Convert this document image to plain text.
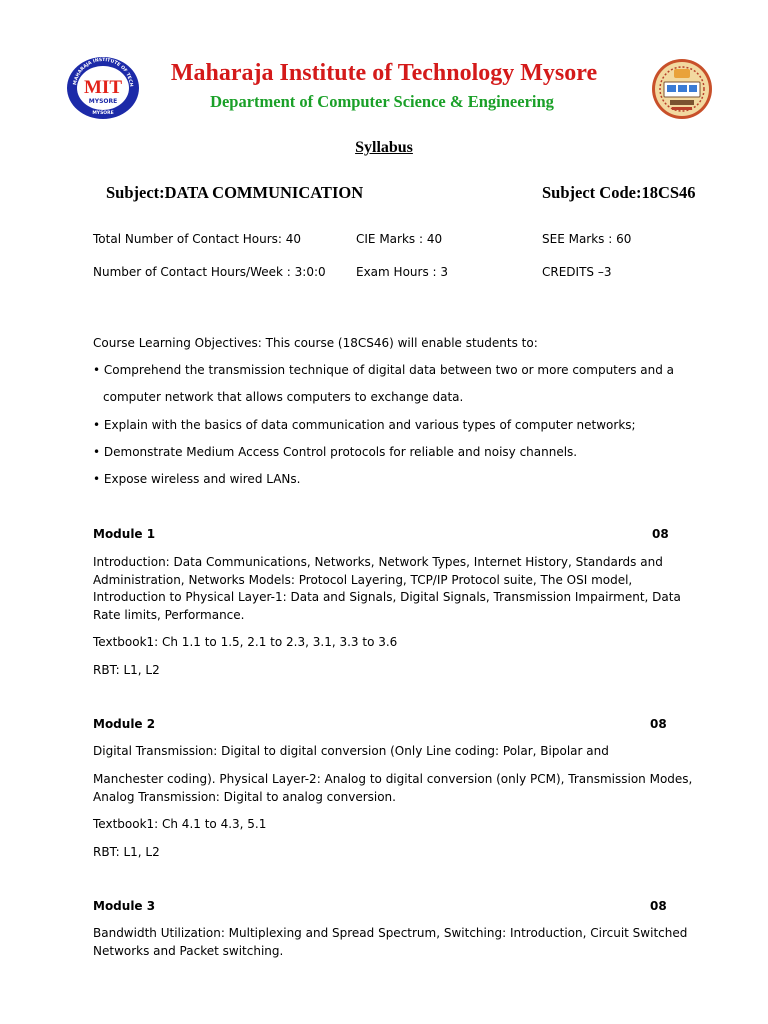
MAHARAJA INSTITUTE OF TECH
MIT
MYSORE
MYSORE
Maharaja Institute of Technology Mysore
Department of Computer Science & Engineering
Syllabus
Subject:DATA COMMUNICATION	Subject Code:18CS46
Total Number of Contact Hours: 40	CIE Marks : 40	SEE Marks : 60
Number of Contact Hours/Week : 3:0:0	Exam Hours : 3	CREDITS –3
Course Learning Objectives: This course (18CS46) will enable students to:
• Comprehend the transmission technique of digital data between two or more computers and a
computer network that allows computers to exchange data.
• Explain with the basics of data communication and various types of computer networks;
• Demonstrate Medium Access Control protocols for reliable and noisy channels.
• Expose wireless and wired LANs.
Module 1	08
Introduction: Data Communications, Networks, Network Types, Internet History, Standards and
Administration, Networks Models: Protocol Layering, TCP/IP Protocol suite, The OSI model,
Introduction to Physical Layer-1: Data and Signals, Digital Signals, Transmission Impairment, Data
Rate limits, Performance.
Textbook1: Ch 1.1 to 1.5, 2.1 to 2.3, 3.1, 3.3 to 3.6
RBT: L1, L2
Module 2	08
Digital Transmission: Digital to digital conversion (Only Line coding: Polar, Bipolar and
Manchester coding). Physical Layer-2: Analog to digital conversion (only PCM), Transmission Modes,
Analog Transmission: Digital to analog conversion.
Textbook1: Ch 4.1 to 4.3, 5.1
RBT: L1, L2
Module 3	08
Bandwidth Utilization: Multiplexing and Spread Spectrum, Switching: Introduction, Circuit Switched
Networks and Packet switching.
